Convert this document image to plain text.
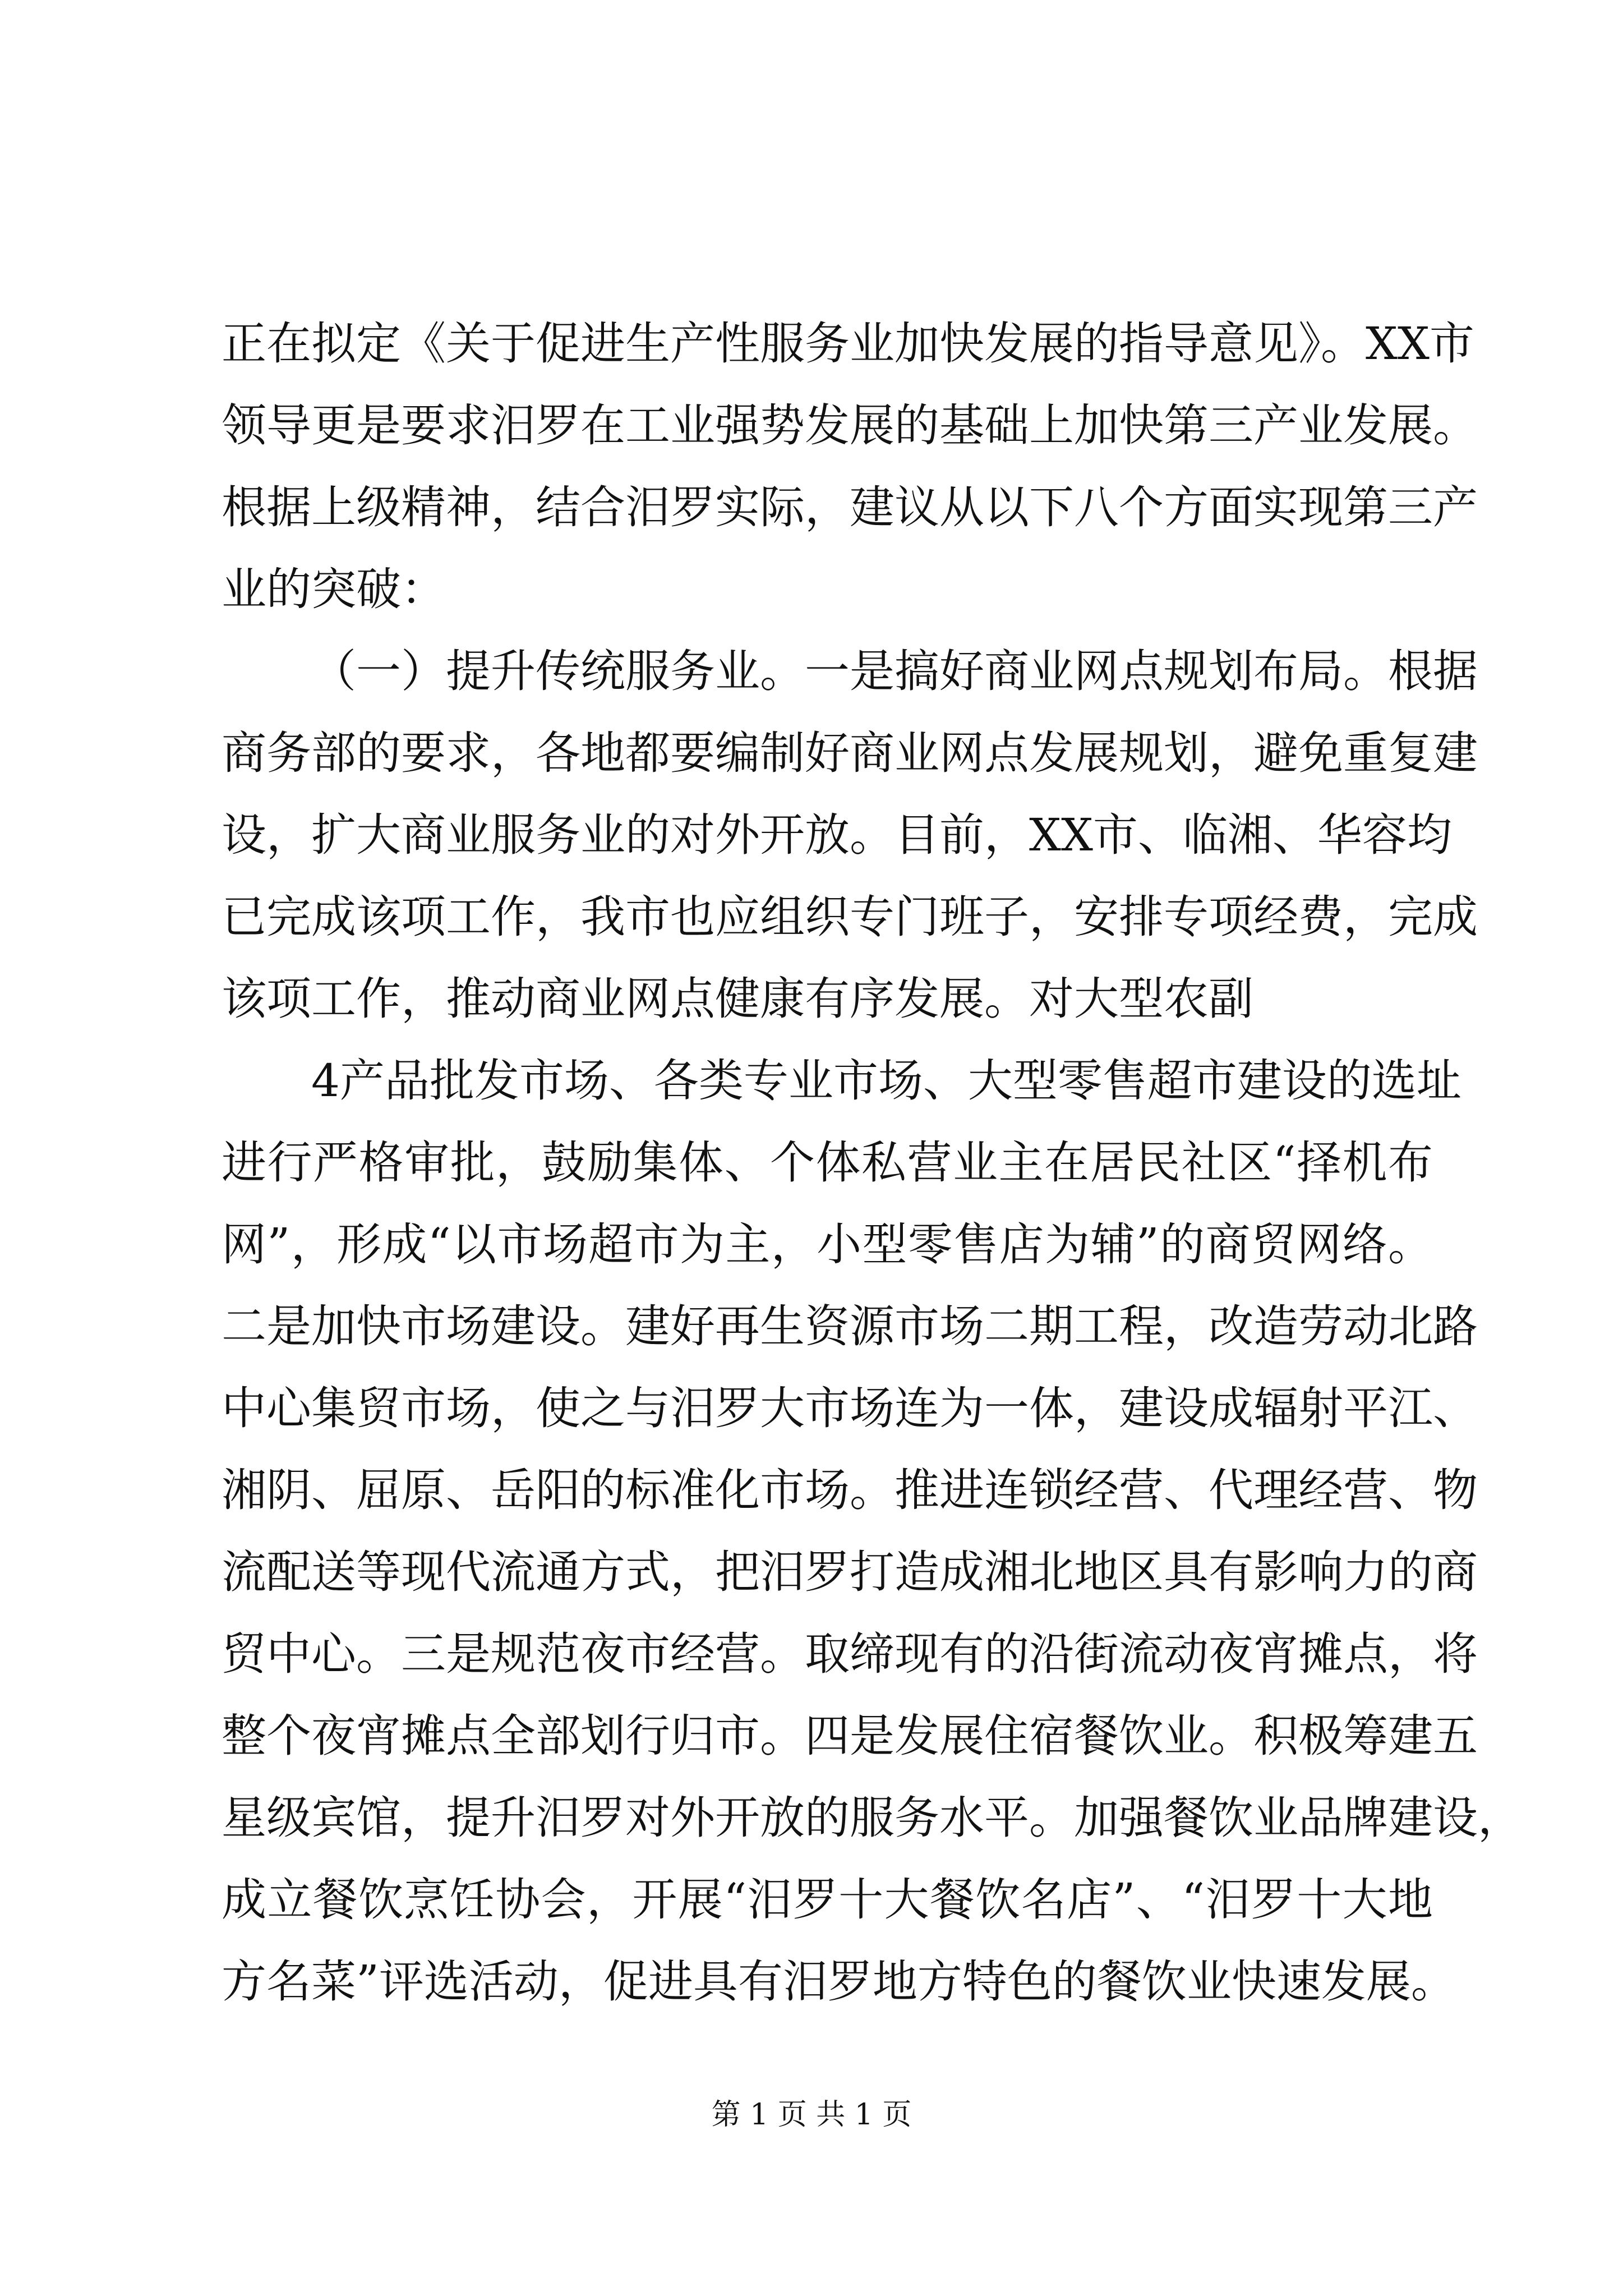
正在拟定《关于促进生产性服务业加快发展的指导意见》。XX市
领导更是要求汨罗在工业强势发展的基础上加快第三产业发展。
根据上级精神，结合汨罗实际，建议从以下八个方面实现第三产
业的突破：
（一）提升传统服务业。一是搞好商业网点规划布局。根据
商务部的要求，各地都要编制好商业网点发展规划，避免重复建
设，扩大商业服务业的对外开放。目前，XX市、临湘、华容均
已完成该项工作，我市也应组织专门班子，安排专项经费，完成
该项工作，推动商业网点健康有序发展。对大型农副
4产品批发市场、各类专业市场、大型零售超市建设的选址
进行严格审批，鼓励集体、个体私营业主在居民社区“择机布
网”，形成“以市场超市为主，小型零售店为辅”的商贸网络。
二是加快市场建设。建好再生资源市场二期工程，改造劳动北路
中心集贸市场，使之与汨罗大市场连为一体，建设成辐射平江、
湘阴、屈原、岳阳的标准化市场。推进连锁经营、代理经营、物
流配送等现代流通方式，把汨罗打造成湘北地区具有影响力的商
贸中心。三是规范夜市经营。取缔现有的沿街流动夜宵摊点，将
整个夜宵摊点全部划行归市。四是发展住宿餐饮业。积极筹建五
星级宾馆，提升汨罗对外开放的服务水平。加强餐饮业品牌建设，
成立餐饮烹饪协会，开展“汨罗十大餐饮名店”、“汨罗十大地
方名菜”评选活动，促进具有汨罗地方特色的餐饮业快速发展。
第 1 页 共 1 页
